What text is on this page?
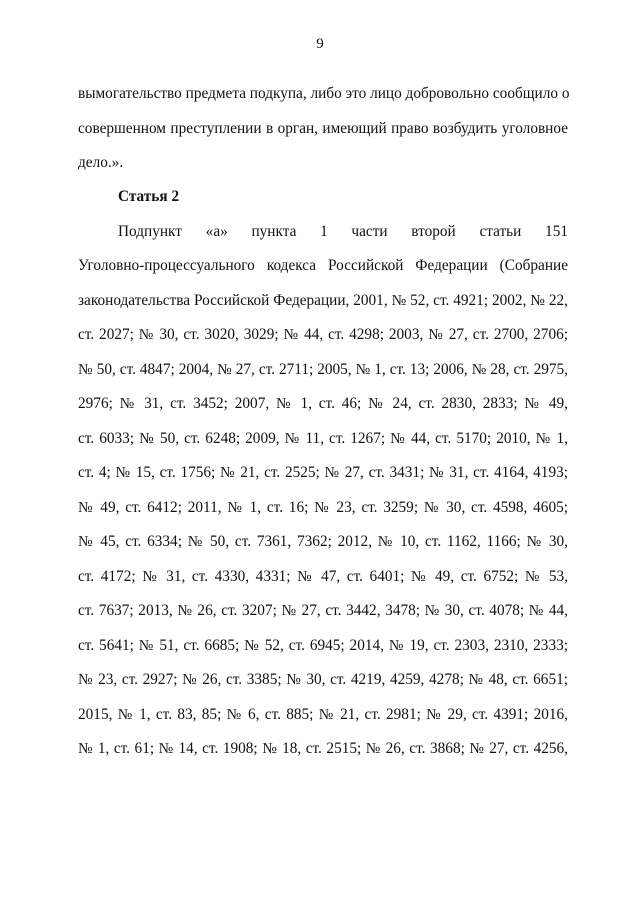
9
вымогательство предмета подкупа, либо это лицо добровольно сообщило о
совершенном преступлении в орган, имеющий право возбудить уголовное
дело.».
Статья 2
Подпункт «а» пункта 1 части второй статьи 151
Уголовно-процессуального кодекса Российской Федерации (Собрание
законодательства Российской Федерации, 2001, № 52, ст. 4921; 2002, № 22,
ст. 2027; № 30, ст. 3020, 3029; № 44, ст. 4298; 2003, № 27, ст. 2700, 2706;
№ 50, ст. 4847; 2004, № 27, ст. 2711; 2005, № 1, ст. 13; 2006, № 28, ст. 2975,
2976; № 31, ст. 3452; 2007, № 1, ст. 46; № 24, ст. 2830, 2833; № 49,
ст. 6033; № 50, ст. 6248; 2009, № 11, ст. 1267; № 44, ст. 5170; 2010, № 1,
ст. 4; № 15, ст. 1756; № 21, ст. 2525; № 27, ст. 3431; № 31, ст. 4164, 4193;
№ 49, ст. 6412; 2011, № 1, ст. 16; № 23, ст. 3259; № 30, ст. 4598, 4605;
№ 45, ст. 6334; № 50, ст. 7361, 7362; 2012, № 10, ст. 1162, 1166; № 30,
ст. 4172; № 31, ст. 4330, 4331; № 47, ст. 6401; № 49, ст. 6752; № 53,
ст. 7637; 2013, № 26, ст. 3207; № 27, ст. 3442, 3478; № 30, ст. 4078; № 44,
ст. 5641; № 51, ст. 6685; № 52, ст. 6945; 2014, № 19, ст. 2303, 2310, 2333;
№ 23, ст. 2927; № 26, ст. 3385; № 30, ст. 4219, 4259, 4278; № 48, ст. 6651;
2015, № 1, ст. 83, 85; № 6, ст. 885; № 21, ст. 2981; № 29, ст. 4391; 2016,
№ 1, ст. 61; № 14, ст. 1908; № 18, ст. 2515; № 26, ст. 3868; № 27, ст. 4256,
